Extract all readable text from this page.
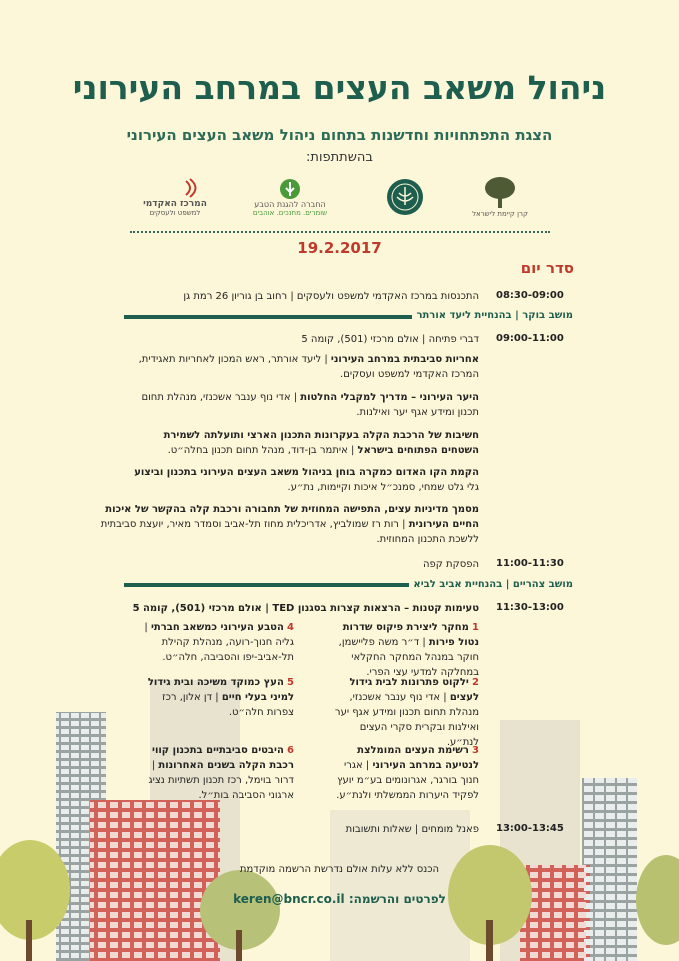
ניהול משאב העצים במרחב העירוני
הצגת התפתחויות וחדשנות בתחום ניהול משאב העצים העירוני
בהשתתפות:
המרכז האקדמי
למשפט ולעסקים
החברה להגנת הטבע
שומרים. מחנכים. אוהבים	קרן קיימת לישראל
19.2.2017
סדר יום
08:30-09:00
התכנסות במרכז האקדמי למשפט ולעסקים | רחוב בן גוריון 26 רמת גן
מושב בוקר | בהנחיית ליעד אורתר
09:00-11:00
דברי פתיחה | אולם מרכזי (501), קומה 5
אחריות סביבתית במרחב העירוני | ליעד אורתר, ראש המכון לאחריות תאגידית, המרכז האקדמי למשפט ועסקים.
היער העירוני – מדריך למקבלי החלטות | אדי נוף ענבר אשכנזי, מנהלת תחום תכנון ומידע אגף יער ואילנות.
חשיבות של הרכבת הקלה בעקרונות התכנון הארצי ותועלתה לשמירת השטחים הפתוחים בישראל | איתמר בן-דוד, מנהל תחום תכנון בחלה״ט.
הקמת הקו האדום כמקרה בוחן בניהול משאב העצים העירוני בתכנון וביצוע גלי גלט שמחי, סמנכ״ל איכות וקיימות, נת״ע.
מסמך מדיניות עצים, התפישה המחוזית של תחבורה ורכבת קלה בהקשר של איכות החיים העירונית | רות רז שמולביץ, אדריכלית מחוז תל-אביב וסמדר מאיר, יועצת סביבתית ללשכת התכנון המחוזית.
11:00-11:30
הפסקת קפה
מושב צהריים | בהנחיית אביב לביא
11:30-13:00
טעימות קטנות – הרצאות קצרות בסגנון TED | אולם מרכזי (501), קומה 5
1 מחקר ליצירת פיקוס שדרות נטול פירות | ד״ר משה פליישמן, חוקר במנהל המחקר החקלאי במחלקה למדעי עצי הפרי.
2 ילקוט פתרונות לבית גידול לעצים | אדי נוף ענבר אשכנזי, מנהלת תחום תכנון ומידע אגף יער ואילנות ובקרית סקרי העצים לנת״ע.
3 רשימת העצים המומלצת לנטיעה במרחב העירוני | אגרי חנוך בורגר, אגרונומים בע״מ יועץ לפקיד היערות הממשלתי ולנת״ע.
4 הטבע העירוני כמשאב חברתי | גליה חנוך-רועה, מנהלת קהילת תל-אביב-יפו והסביבה, חלה״ט.
5 העץ כמוקד משיכה ובית גידול למיני בעלי חיים | דן אלון, רכז צפרות חלה״ט.
6 היבטים סביבתיים בתכנון קווי רכבת הקלה בשנים האחרונות | דרור בוימל, רכז תכנון תשתיות נציג ארגוני הסביבה בות״ל.
13:00-13:45
פאנל מומחים | שאלות ותשובות
הכנס ללא עלות אולם נדרשת הרשמה מוקדמת
לפרטים והרשמה: keren@bncr.co.il
